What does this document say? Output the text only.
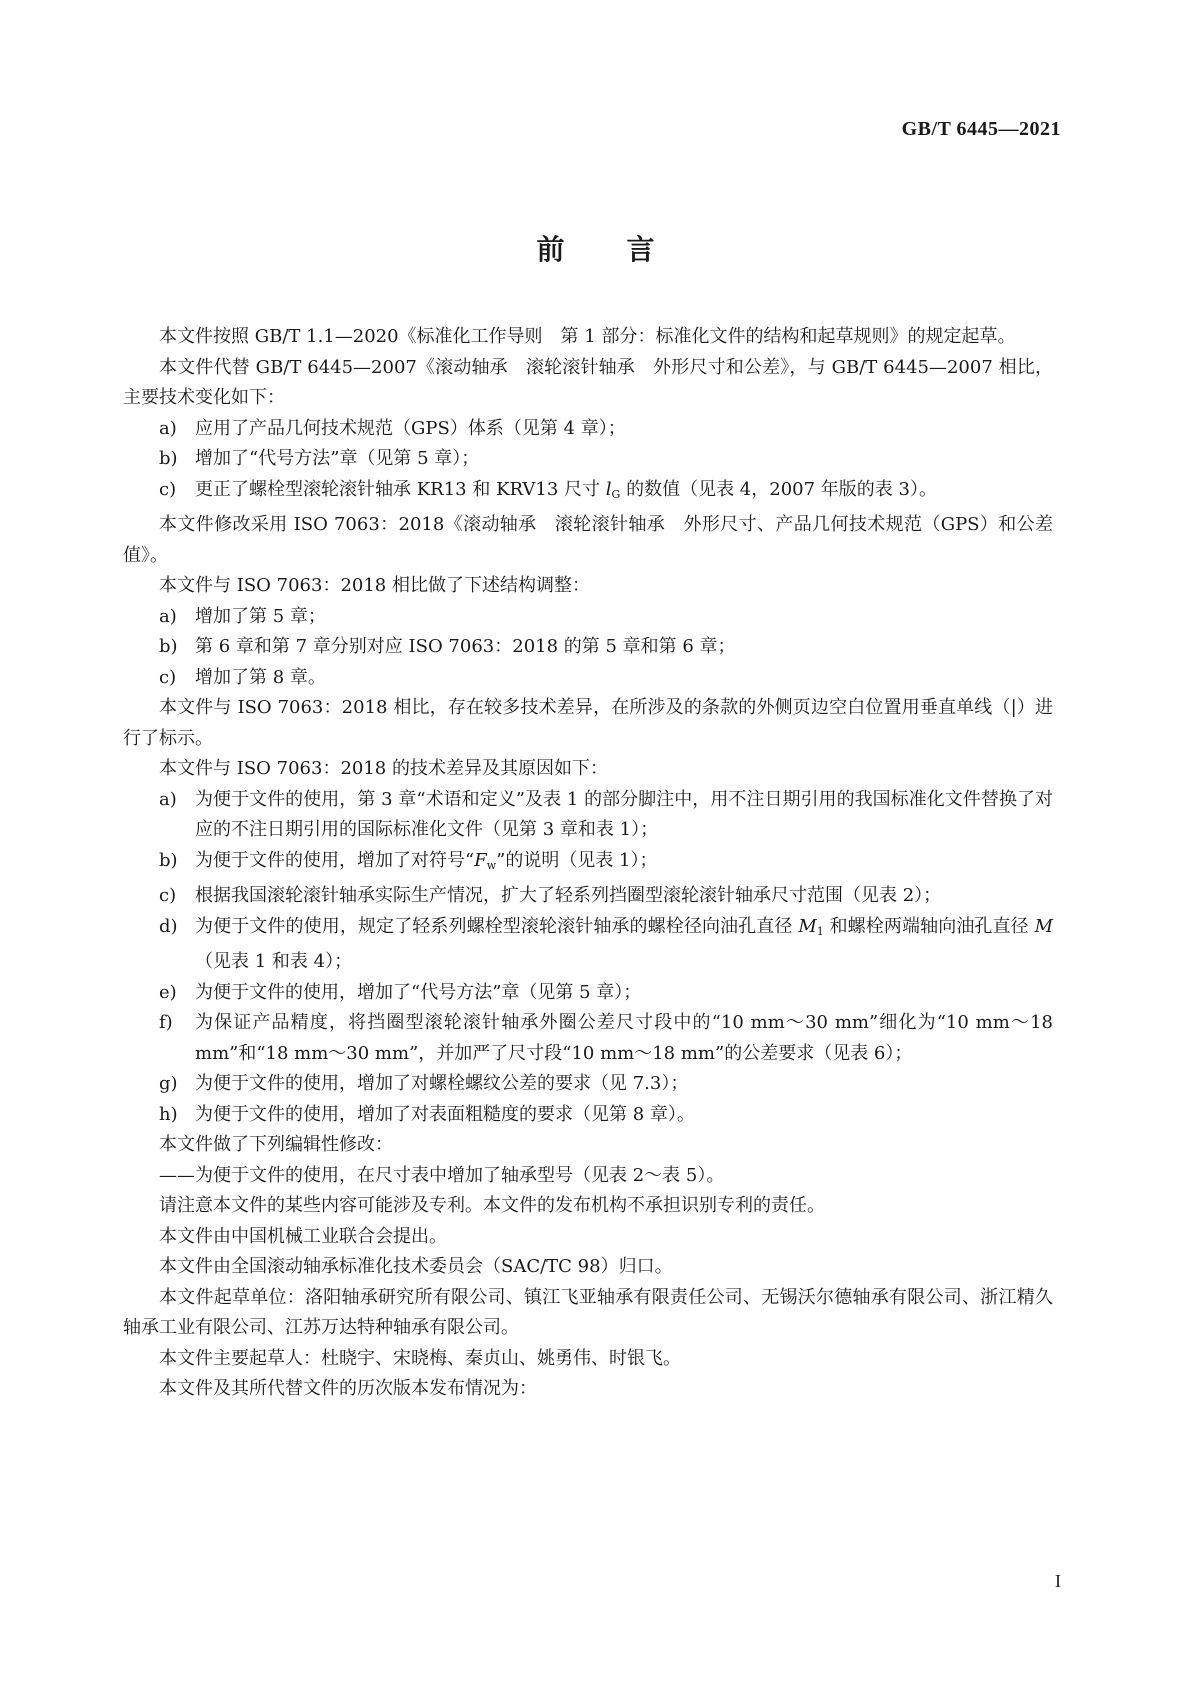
GB/T 6445—2021
前 言

本文件按照 GB/T 1.1—2020《标准化工作导则　第 1 部分：标准化文件的结构和起草规则》的规定起草。

本文件代替 GB/T 6445—2007《滚动轴承　滚轮滚针轴承　外形尺寸和公差》，与 GB/T 6445—2007 相比，主要技术变化如下：

a) 应用了产品几何技术规范（GPS）体系（见第 4 章）；

b) 增加了“代号方法”章（见第 5 章）；

c) 更正了螺栓型滚轮滚针轴承 KR13 和 KRV13 尺寸 $l_G$ 的数值（见表 4，2007 年版的表 3）。

本文件修改采用 ISO 7063：2018《滚动轴承　滚轮滚针轴承　外形尺寸、产品几何技术规范（GPS）和公差值》。

本文件与 ISO 7063：2018 相比做了下述结构调整：

a) 增加了第 5 章；

b) 第 6 章和第 7 章分别对应 ISO 7063：2018 的第 5 章和第 6 章；

c) 增加了第 8 章。

本文件与 ISO 7063：2018 相比，存在较多技术差异，在所涉及的条款的外侧页边空白位置用垂直单线（|）进行了标示。

本文件与 ISO 7063：2018 的技术差异及其原因如下：

a) 为便于文件的使用，第 3 章“术语和定义”及表 1 的部分脚注中，用不注日期引用的我国标准化文件替换了对应的不注日期引用的国际标准化文件（见第 3 章和表 1）；

b) 为便于文件的使用，增加了对符号“$F_w$”的说明（见表 1）；

c) 根据我国滚轮滚针轴承实际生产情况，扩大了轻系列挡圈型滚轮滚针轴承尺寸范围（见表 2）；

d) 为便于文件的使用，规定了轻系列螺栓型滚轮滚针轴承的螺栓径向油孔直径 $M_1$ 和螺栓两端轴向油孔直径 M（见表 1 和表 4）；

e) 为便于文件的使用，增加了“代号方法”章（见第 5 章）；

f) 为保证产品精度，将挡圈型滚轮滚针轴承外圈公差尺寸段中的“10 mm～30 mm”细化为“10 mm～18 mm”和“18 mm～30 mm”，并加严了尺寸段“10 mm～18 mm”的公差要求（见表 6）；

g) 为便于文件的使用，增加了对螺栓螺纹公差的要求（见 7.3）；

h) 为便于文件的使用，增加了对表面粗糙度的要求（见第 8 章）。

本文件做了下列编辑性修改：

——为便于文件的使用，在尺寸表中增加了轴承型号（见表 2～表 5）。

请注意本文件的某些内容可能涉及专利。本文件的发布机构不承担识别专利的责任。

本文件由中国机械工业联合会提出。

本文件由全国滚动轴承标准化技术委员会（SAC/TC 98）归口。

本文件起草单位：洛阳轴承研究所有限公司、镇江飞亚轴承有限责任公司、无锡沃尔德轴承有限公司、浙江精久轴承工业有限公司、江苏万达特种轴承有限公司。

本文件主要起草人：杜晓宇、宋晓梅、秦贞山、姚勇伟、时银飞。

本文件及其所代替文件的历次版本发布情况为：

I
